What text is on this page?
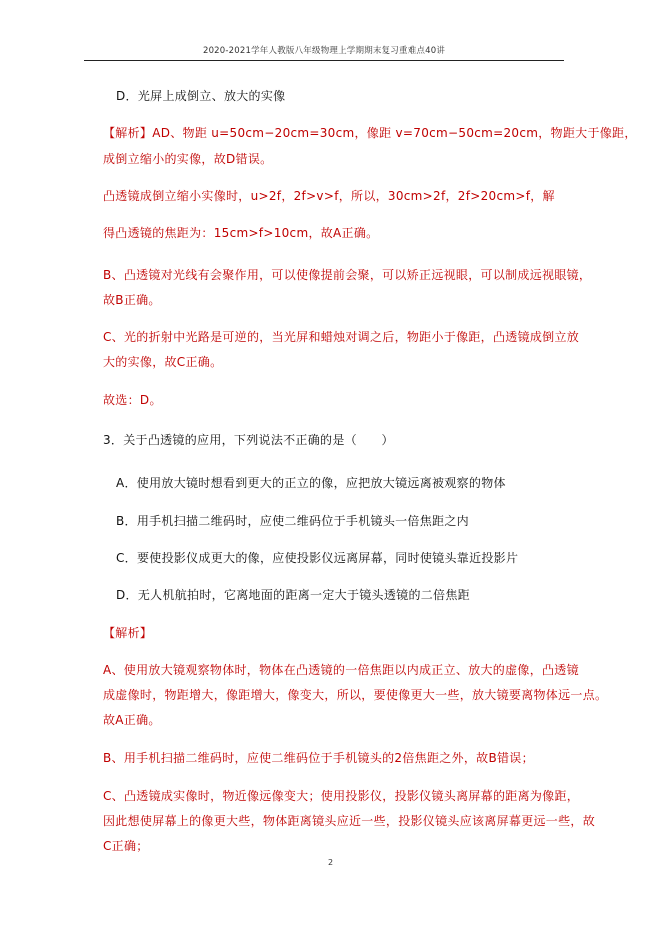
2020-2021学年人教版八年级物理上学期期末复习重难点40讲
D．光屏上成倒立、放大的实像
【解析】AD、物距 u=50cm−20cm=30cm，像距 v=70cm−50cm=20cm，物距大于像距，
成倒立缩小的实像，故D错误。
凸透镜成倒立缩小实像时，u>2f，2f>v>f，所以，30cm>2f，2f>20cm>f，解
得凸透镜的焦距为：15cm>f>10cm，故A正确。
B、凸透镜对光线有会聚作用，可以使像提前会聚，可以矫正远视眼，可以制成远视眼镜，
故B正确。
C、光的折射中光路是可逆的，当光屏和蜡烛对调之后，物距小于像距，凸透镜成倒立放
大的实像，故C正确。
故选：D。
3．关于凸透镜的应用，下列说法不正确的是（　　）
A．使用放大镜时想看到更大的正立的像，应把放大镜远离被观察的物体
B．用手机扫描二维码时，应使二维码位于手机镜头一倍焦距之内
C．要使投影仪成更大的像，应使投影仪远离屏幕，同时使镜头靠近投影片
D．无人机航拍时，它离地面的距离一定大于镜头透镜的二倍焦距
【解析】
A、使用放大镜观察物体时，物体在凸透镜的一倍焦距以内成正立、放大的虚像，凸透镜
成虚像时，物距增大，像距增大，像变大，所以，要使像更大一些，放大镜要离物体远一点。
故A正确。
B、用手机扫描二维码时，应使二维码位于手机镜头的2倍焦距之外，故B错误；
C、凸透镜成实像时，物近像远像变大；使用投影仪，投影仪镜头离屏幕的距离为像距，
因此想使屏幕上的像更大些，物体距离镜头应近一些，投影仪镜头应该离屏幕更远一些，故
C正确；
2
